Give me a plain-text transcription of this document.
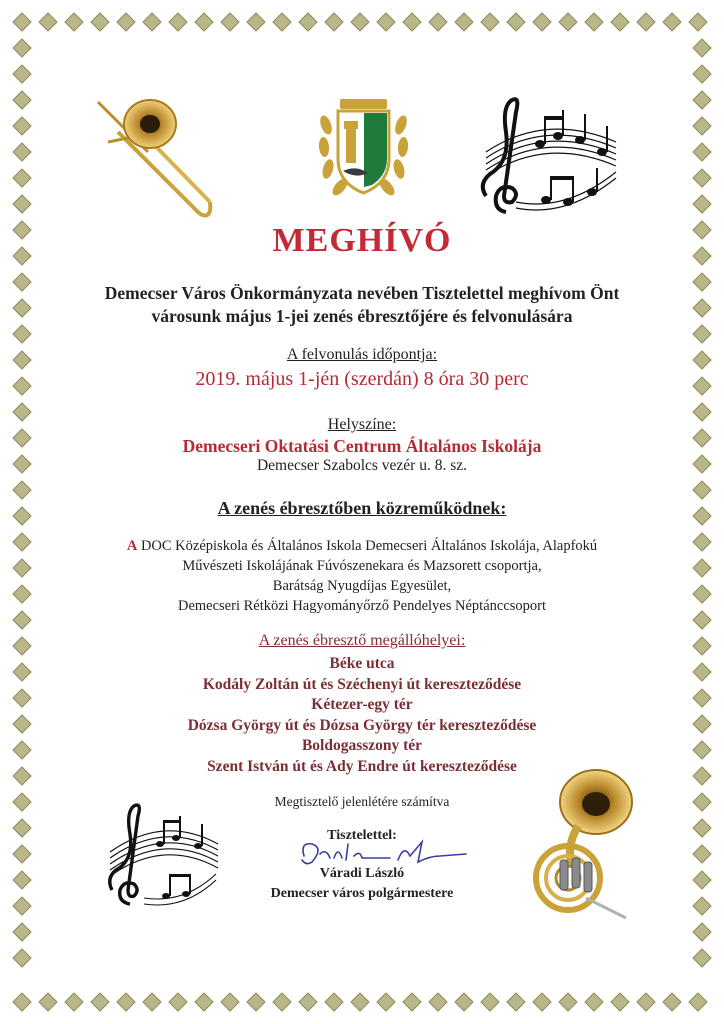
MEGHÍVÓ
Demecser Város Önkormányzata nevében Tisztelettel meghívom Önt
városunk május 1-jei zenés ébresztőjére és felvonulására
A felvonulás időpontja:
2019. május 1-jén (szerdán) 8 óra 30 perc
Helyszíne:
Demecseri Oktatási Centrum Általános Iskolája
Demecser Szabolcs vezér u. 8. sz.
A zenés ébresztőben közreműködnek:
A DOC Középiskola és Általános Iskola Demecseri Általános Iskolája, Alapfokú
Művészeti Iskolájának Fúvószenekara és Mazsorett csoportja,
Barátság Nyugdíjas Egyesület,
Demecseri Rétközi Hagyományőrző Pendelyes Néptánccsoport
A zenés ébresztő megállóhelyei:
Béke utca
Kodály Zoltán út és Széchenyi út kereszteződése
Kétezer-egy tér
Dózsa György út és Dózsa György tér kereszteződése
Boldogasszony tér
Szent István út és Ady Endre út kereszteződése
Megtisztelő jelenlétére számítva
Tisztelettel:
Váradi László
Demecser város polgármestere
